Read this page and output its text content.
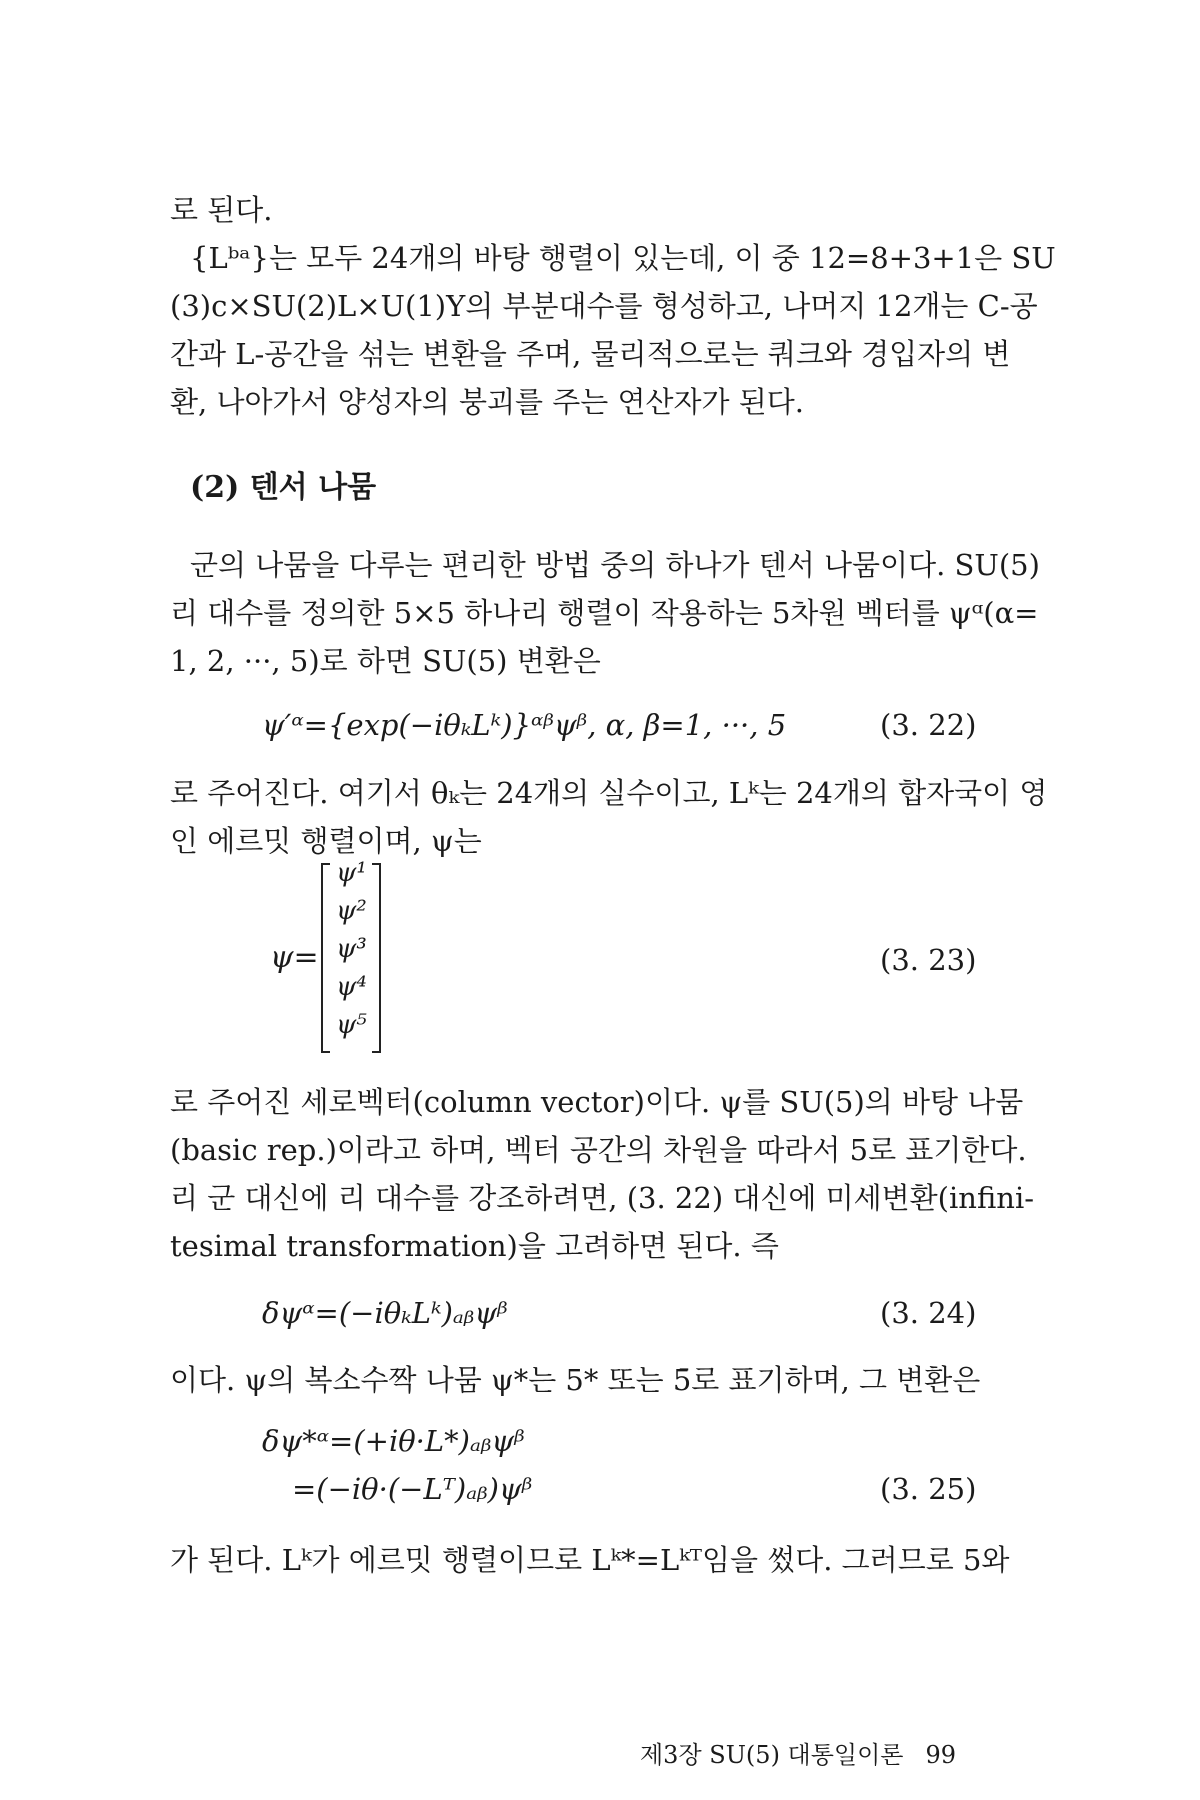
로 된다.
{Lᵇᵃ}는 모두 24개의 바탕 행렬이 있는데, 이 중 12=8+3+1은 SU
(3)c×SU(2)L×U(1)Y의 부분대수를 형성하고, 나머지 12개는 C-공
간과 L-공간을 섞는 변환을 주며, 물리적으로는 쿼크와 경입자의 변
환, 나아가서 양성자의 붕괴를 주는 연산자가 된다.
(2) 텐서 나뭄
군의 나뭄을 다루는 편리한 방법 중의 하나가 텐서 나뭄이다. SU(5)
리 대수를 정의한 5×5 하나리 행렬이 작용하는 5차원 벡터를 ψᵅ(α=
1, 2, ···, 5)로 하면 SU(5) 변환은
ψ′ᵅ={exp(−iθₖLᵏ)}ᵅᵝψᵝ, α, β=1, ···, 5	(3. 22)
로 주어진다. 여기서 θₖ는 24개의 실수이고, Lᵏ는 24개의 합자국이 영
인 에르밋 행렬이며, ψ는
ψ=
ψ¹
ψ²
ψ³
ψ⁴
ψ⁵
(3. 23)
로 주어진 세로벡터(column vector)이다. ψ를 SU(5)의 바탕 나뭄
(basic rep.)이라고 하며, 벡터 공간의 차원을 따라서 5로 표기한다.
리 군 대신에 리 대수를 강조하려면, (3. 22) 대신에 미세변환(infini-
tesimal transformation)을 고려하면 된다. 즉
δψᵅ=(−iθₖLᵏ)ₐᵦψᵝ	(3. 24)
이다. ψ의 복소수짝 나뭄 ψ*는 5* 또는 5̄로 표기하며, 그 변환은
δψ*ᵅ=(+iθ·L*)ₐᵦψᵝ
=(−iθ·(−Lᵀ)ₐᵦ)ψᵝ	(3. 25)
가 된다. Lᵏ가 에르밋 행렬이므로 Lᵏ*=Lᵏᵀ임을 썼다. 그러므로 5와
제3장 SU(5) 대통일이론 99
